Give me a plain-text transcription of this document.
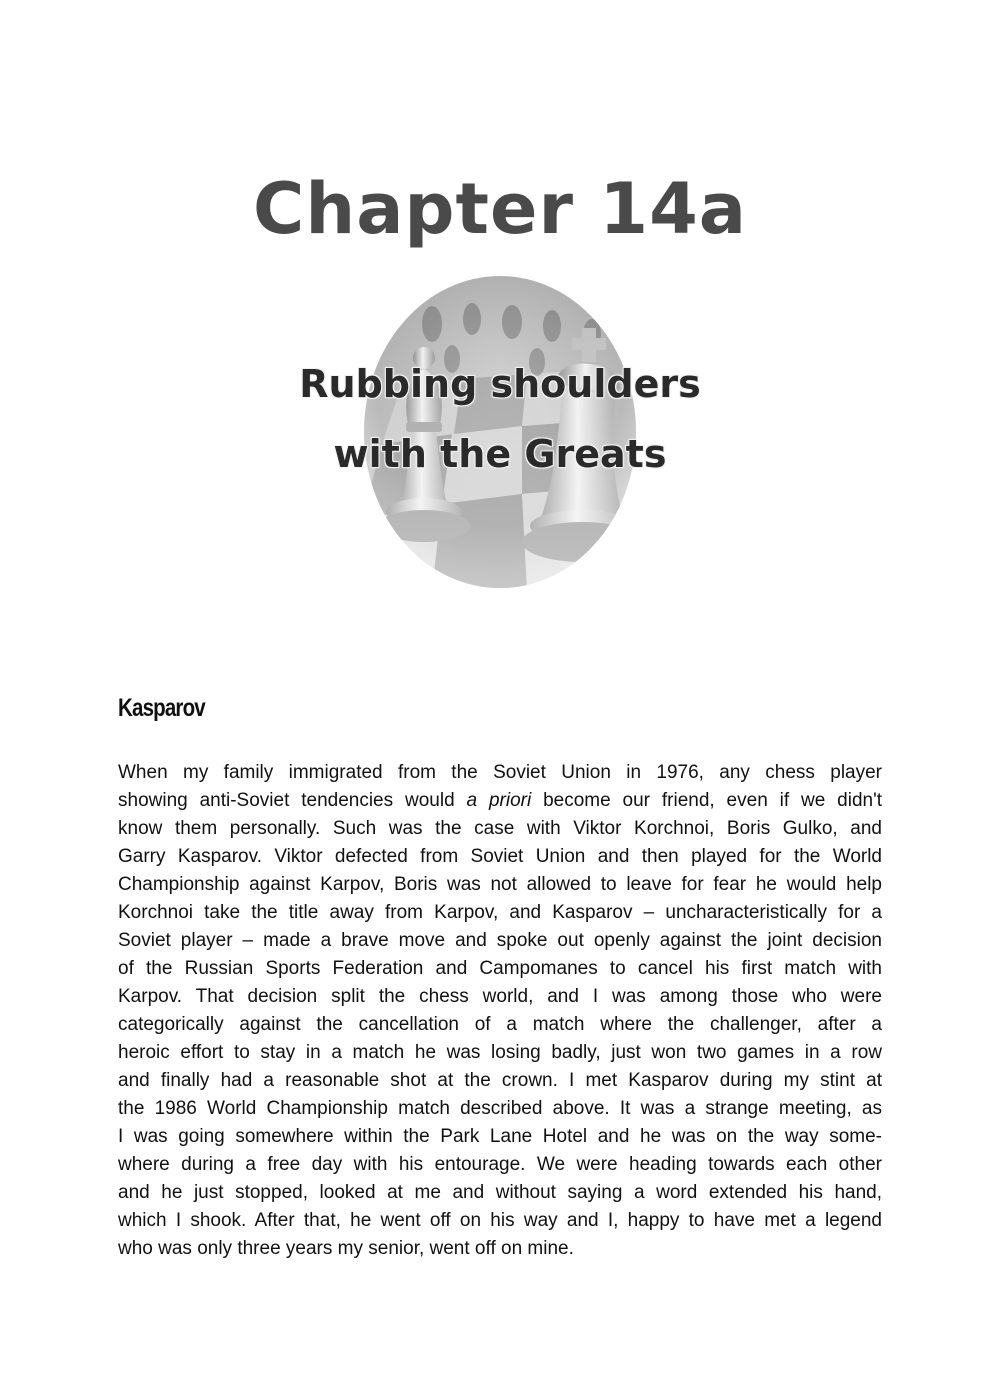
Chapter 14a
Rubbing shoulders
with the Greats
Kasparov
When my family immigrated from the Soviet Union in 1976, any chess player
showing anti-Soviet tendencies would a priori become our friend, even if we didn't
know them personally. Such was the case with Viktor Korchnoi, Boris Gulko, and
Garry Kasparov. Viktor defected from Soviet Union and then played for the World
Championship against Karpov, Boris was not allowed to leave for fear he would help
Korchnoi take the title away from Karpov, and Kasparov – uncharacteristically for a
Soviet player – made a brave move and spoke out openly against the joint decision
of the Russian Sports Federation and Campomanes to cancel his first match with
Karpov. That decision split the chess world, and I was among those who were
categorically against the cancellation of a match where the challenger, after a
heroic effort to stay in a match he was losing badly, just won two games in a row
and finally had a reasonable shot at the crown. I met Kasparov during my stint at
the 1986 World Championship match described above. It was a strange meeting, as
I was going somewhere within the Park Lane Hotel and he was on the way some-
where during a free day with his entourage. We were heading towards each other
and he just stopped, looked at me and without saying a word extended his hand,
which I shook. After that, he went off on his way and I, happy to have met a legend
who was only three years my senior, went off on mine.
